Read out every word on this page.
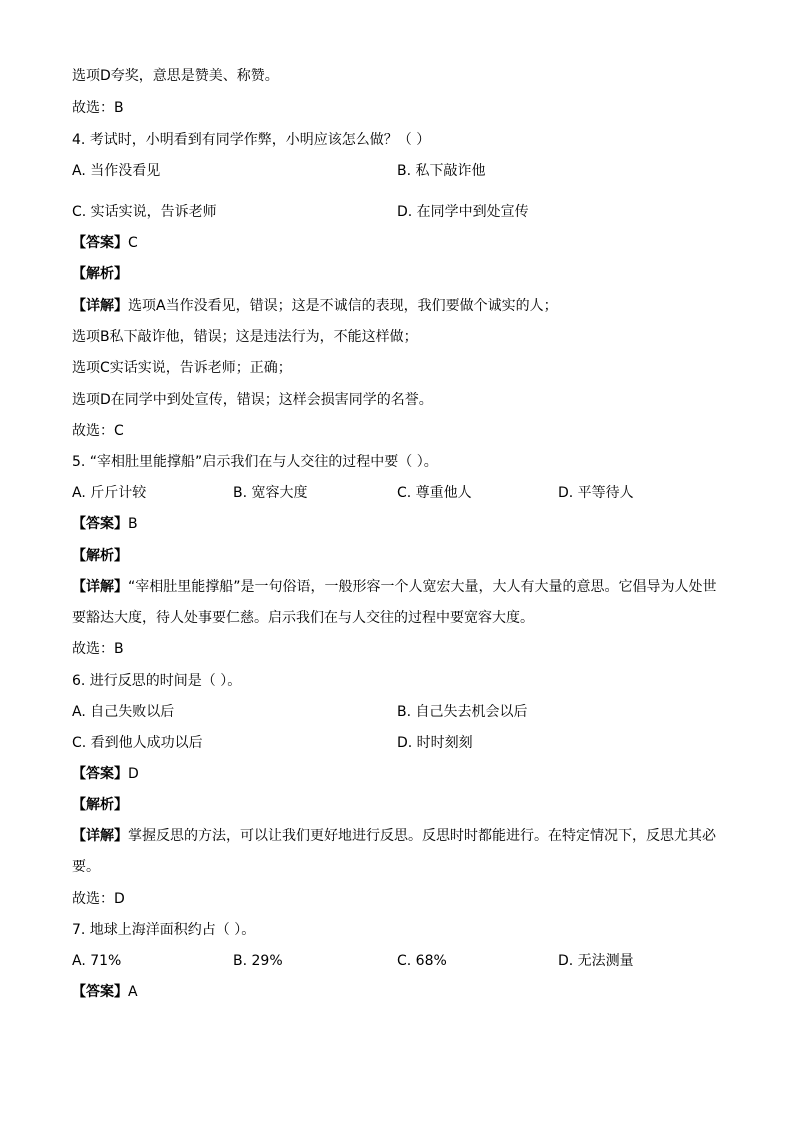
选项D夸奖，意思是赞美、称赞。
故选：B
4. 考试时，小明看到有同学作弊，小明应该怎么做？（ ）
A. 当作没看见	B. 私下敲诈他
C. 实话实说，告诉老师	D. 在同学中到处宣传
【答案】C
【解析】
【详解】选项A当作没看见，错误；这是不诚信的表现，我们要做个诚实的人；
选项B私下敲诈他，错误；这是违法行为，不能这样做；
选项C实话实说，告诉老师；正确；
选项D在同学中到处宣传，错误；这样会损害同学的名誉。
故选：C
5. “宰相肚里能撑船”启示我们在与人交往的过程中要（ ）。
A. 斤斤计较	B. 宽容大度	C. 尊重他人	D. 平等待人
【答案】B
【解析】
【详解】“宰相肚里能撑船”是一句俗语，一般形容一个人宽宏大量，大人有大量的意思。它倡导为人处世要豁达大度，待人处事要仁慈。启示我们在与人交往的过程中要宽容大度。
故选：B
6. 进行反思的时间是（ ）。
A. 自己失败以后	B. 自己失去机会以后
C. 看到他人成功以后	D. 时时刻刻
【答案】D
【解析】
【详解】掌握反思的方法，可以让我们更好地进行反思。反思时时都能进行。在特定情况下，反思尤其必要。
故选：D
7. 地球上海洋面积约占（ ）。
A. 71%	B. 29%	C. 68%	D. 无法测量
【答案】A
